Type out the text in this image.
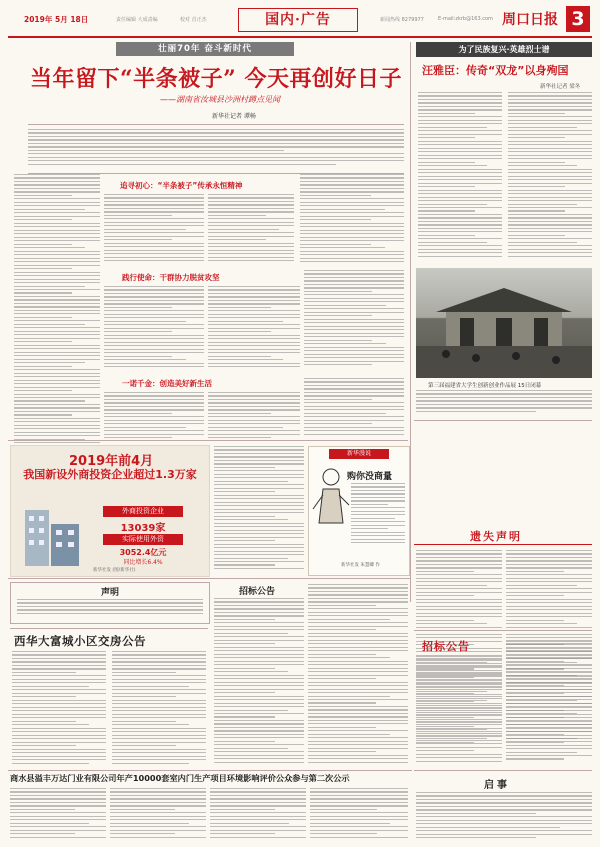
2019年 5月 18日	责任编辑 大成责编	校对 首正杰	国内·广告	新闻热线 8279977	E-mail:zkrb@163.com 周口日报 3
壮丽70年 奋斗新时代
当年留下“半条被子” 今天再创好日子
——湖南省汝城县沙洲村蹲点见闻
新华社记者 谭畅
追寻初心：“半条被子”传承永恒精神
践行使命：干群协力脱贫攻坚
一诺千金：创造美好新生活
为了民族复兴·英雄烈士谱
汪雅臣：传奇“双龙”以身殉国
新华社记者 梁冬
第三届福建省大学生创新创业作品展 15日闭幕
2019年前4月
我国新设外商投资企业超过1.3万家
外商投资企业
13039家
实际使用外资
3052.4亿元
同比增长6.4%
新华社发 (图/新华社)
新华漫说
购你没商量
新华社发 朱慧卿 作
遗失声明
声明	招标公告
西华大富城小区交房公告	招标公告
商水县溢丰万达门业有限公司年产10000套室内门生产项目环境影响评价公众参与第二次公示
启事
